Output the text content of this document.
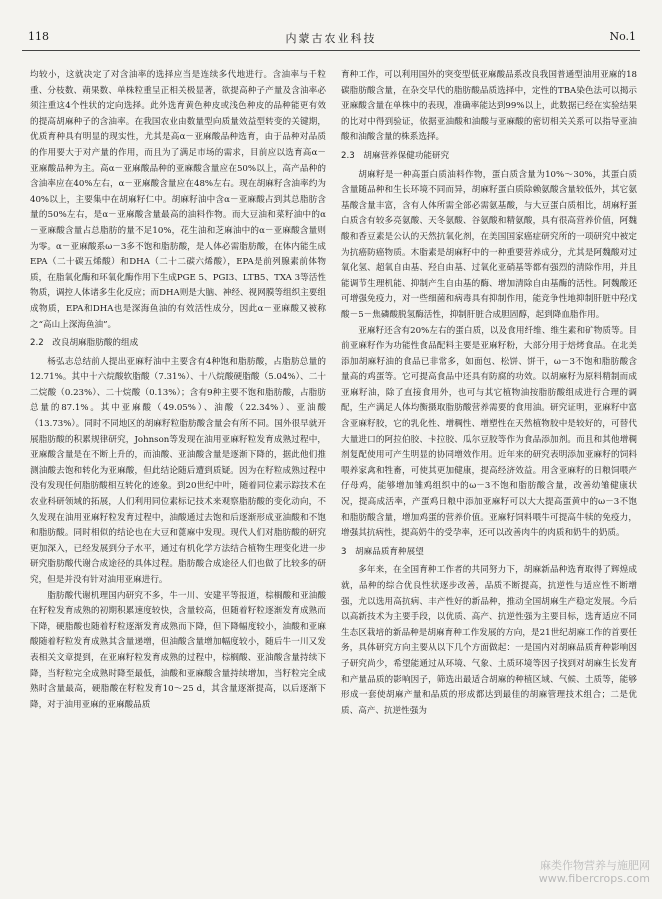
118	内蒙古农业科技	No.1

均较小，这就决定了对含油率的选择应当是连续多代地进行。含油率与千粒重、分枝数、蒴果数、单株粒重呈正相关极显著，欲提高种子产量及含油率必须注重这4个性状的定向选择。此外选育黄色种皮或浅色种皮的品种能更有效的提高胡麻种子的含油率。在我国农业由数量型向质量效益型转变的关键期，优质育种具有明显的现实性，尤其是高α－亚麻酸品种选育，由于品种对品质的作用要大于对产量的作用，而且为了满足市场的需求，目前应以选育高α－亚麻酸品种为主。高α－亚麻酸品种的亚麻酸含量应在50%以上，高产品种的含油率应在40%左右，α－亚麻酸含量应在48%左右。现在胡麻籽含油率约为40%以上，主要集中在胡麻籽仁中。胡麻籽油中含α－亚麻酸占到其总脂肪含量的50%左右，是α－亚麻酸含量最高的油料作物。而大豆油和菜籽油中的α－亚麻酸含量占总脂肪的量不足10%，花生油和芝麻油中的α－亚麻酸含量则为零。α－亚麻酸系ω－3多不饱和脂肪酸，是人体必需脂肪酸，在体内能生成EPA（二十碳五烯酸）和DHA（二十二碳六烯酸），EPA是前列腺素前体物质，在脂氧化酶和环氧化酶作用下生成PGE 5、PGI3、LTB5、TXA 3等活性物质，调控人体诸多生化反应；而DHA则是大脑、神经、视网膜等组织主要组成物质，EPA和DHA也是深海鱼油的有效活性成分，因此α－亚麻酸又被称之“高山上深海鱼油”。

2.2　改良胡麻脂肪酸的组成

杨弘志总结前人提出亚麻籽油中主要含有4种饱和脂肪酸，占脂肪总量的12.71%。其中十六烷酸软脂酸（7.31%）、十八烷酸硬脂酸（5.04%）、二十二烷酸（0.23%）、二十烷酸（0.13%）；含有9种主要不饱和脂肪酸，占脂肪总量的87.1%。其中亚麻酸（49.05%）、油酸（22.34%）、亚油酸（13.73%）。同时不同地区的胡麻籽粒脂肪酸含量会有所不同。国外很早就开展脂肪酸的积累规律研究，Johnson等发现在油用亚麻籽粒发育成熟过程中，亚麻酸含量是在不断上升的，而油酸、亚油酸含量是逐渐下降的，据此他们推测油酸去饱和转化为亚麻酸，但此结论随后遭到质疑。因为在籽粒成熟过程中没有发现任何脂肪酸相互转化的迹象。到20世纪中叶，随着同位素示踪技术在农业科研领域的拓展，人们利用同位素标记技术来观察脂肪酸的变化动向，不久发现在油用亚麻籽粒发育过程中，油酸通过去饱和后逐渐形成亚油酸和不饱和脂肪酸。同时相似的结论也在大豆和蓖麻中发现。现代人们对脂肪酸的研究更加深入，已经发展到分子水平，通过有机化学方法结合植物生理变化进一步研究脂肪酸代谢合成途径的具体过程。脂肪酸合成途径人们也做了比较多的研究，但是并没有针对油用亚麻进行。

脂肪酸代谢机理国内研究不多，牛一川、安建平等报道，棕榈酸和亚油酸在籽粒发育成熟的初期积累速度较快，含量较高，但随着籽粒逐渐发育成熟而下降，硬脂酸也随着籽粒逐渐发育成熟而下降，但下降幅度较小，油酸和亚麻酸随着籽粒发育成熟其含量递增，但油酸含量增加幅度较小，随后牛一川又发表相关文章提到，在亚麻籽粒发育成熟的过程中，棕榈酸、亚油酸含量持续下降，当籽粒完全成熟时降至最低，油酸和亚麻酸含量持续增加，当籽粒完全成熟时含量最高，硬脂酸在籽粒发育10～25 d，其含量逐渐提高，以后逐渐下降，对于油用亚麻的亚麻酸品质

育种工作，可以利用国外的突变型低亚麻酸品系改良我国普通型油用亚麻的18碳脂肪酸含量，在杂交早代的脂肪酸品质选择中，定性的TBA染色法可以揭示亚麻酸含量在单株中的表现，准确率能达到99%以上，此数据已经在实验结果的比对中得到验证，依据亚油酸和油酸与亚麻酸的密切相关关系可以指导亚油酸和油酸含量的株系选择。

2.3　胡麻营养保健功能研究

胡麻籽是一种高蛋白质油料作物，蛋白质含量为10%～30%，其蛋白质含量随品种和生长环境不同而异，胡麻籽蛋白质除赖氨酸含量较低外，其它氨基酸含量丰富，含有人体所需全部必需氨基酸，与大豆蛋白质相比，胡麻籽蛋白质含有较多亮氨酸、天冬氨酸、谷氨酸和精氨酸，具有很高营养价值，阿魏酸和香豆素是公认的天然抗氧化剂，在美国国家癌症研究所的一项研究中被定为抗癌防癌物质。木脂素是胡麻籽中的一种重要营养成分，尤其是阿魏酸对过氧化氢、超氧自由基、羟自由基、过氧化亚硝基等都有强烈的清除作用，并且能调节生理机能、抑制产生自由基的酶、增加清除自由基酶的活性。阿魏酸还可增强免疫力，对一些细菌和病毒具有抑制作用，能竞争性地抑制肝脏中羟戊酸－5－焦磷酸脱氢酶活性，抑制肝脏合成胆固醇，起到降血脂作用。

亚麻籽还含有20%左右的蛋白质，以及食用纤维、维生素和矿物质等。目前亚麻籽作为功能性食品配料主要是亚麻籽粉，大部分用于焙烤食品。在北美添加胡麻籽油的食品已非常多，如面包、松饼、饼干，ω－3不饱和脂肪酸含量高的鸡蛋等。它可提高食品中还具有防腐的功效。以胡麻籽为原料精制而成亚麻籽油，除了直接食用外，也可与其它植物油按脂肪酸组成进行合理的调配，生产满足人体均衡摄取脂肪酸营养需要的食用油。研究证明，亚麻籽中富含亚麻籽胶，它的乳化性、增稠性、增塑性在天然植物胶中是较好的，可替代大量进口的阿拉伯胶、卡拉胶、瓜尔豆胶等作为食品添加剂。而且和其他增稠剂复配使用可产生明显的协同增效作用。近年来的研究表明添加亚麻籽的饲料喂养家禽和牲畜，可使其更加健康，提高经济效益。用含亚麻籽的日粮饲喂产仔母鸡，能够增加雏鸡组织中的ω－3不饱和脂肪酸含量，改善幼雏健康状况，提高成活率，产蛋鸡日粮中添加亚麻籽可以大大提高蛋黄中的ω－3不饱和脂肪酸含量，增加鸡蛋的营养价值。亚麻籽饲料喂牛可提高牛犊的免疫力，增强其抗病性，提高奶牛的受孕率，还可以改善肉牛的肉质和奶牛的奶质。

3　胡麻品质育种展望

多年来，在全国育种工作者的共同努力下，胡麻新品种选育取得了辉煌成就，品种的综合优良性状逐步改善，品质不断提高，抗逆性与适应性不断增强，尤以选用高抗病、丰产性好的新品种，推动全国胡麻生产稳定发展。今后以高新技术为主要手段，以优质、高产、抗逆性强为主要目标，选育适应不同生态区栽培的新品种是胡麻育种工作发展的方向，是21世纪胡麻工作的首要任务，具体研究方向主要从以下几个方面做起：一是国内对胡麻品质育种影响因子研究尚少，希望能通过从环境、气象、土质环境等因子找到对胡麻生长发育和产量品质的影响因子，筛选出最适合胡麻的种植区域、气候、土质等，能够形成一套使胡麻产量和品质的形成都达到最佳的胡麻管理技术组合；二是优质、高产、抗逆性强为

麻类作物营养与施肥网
www.fibercrops.com
